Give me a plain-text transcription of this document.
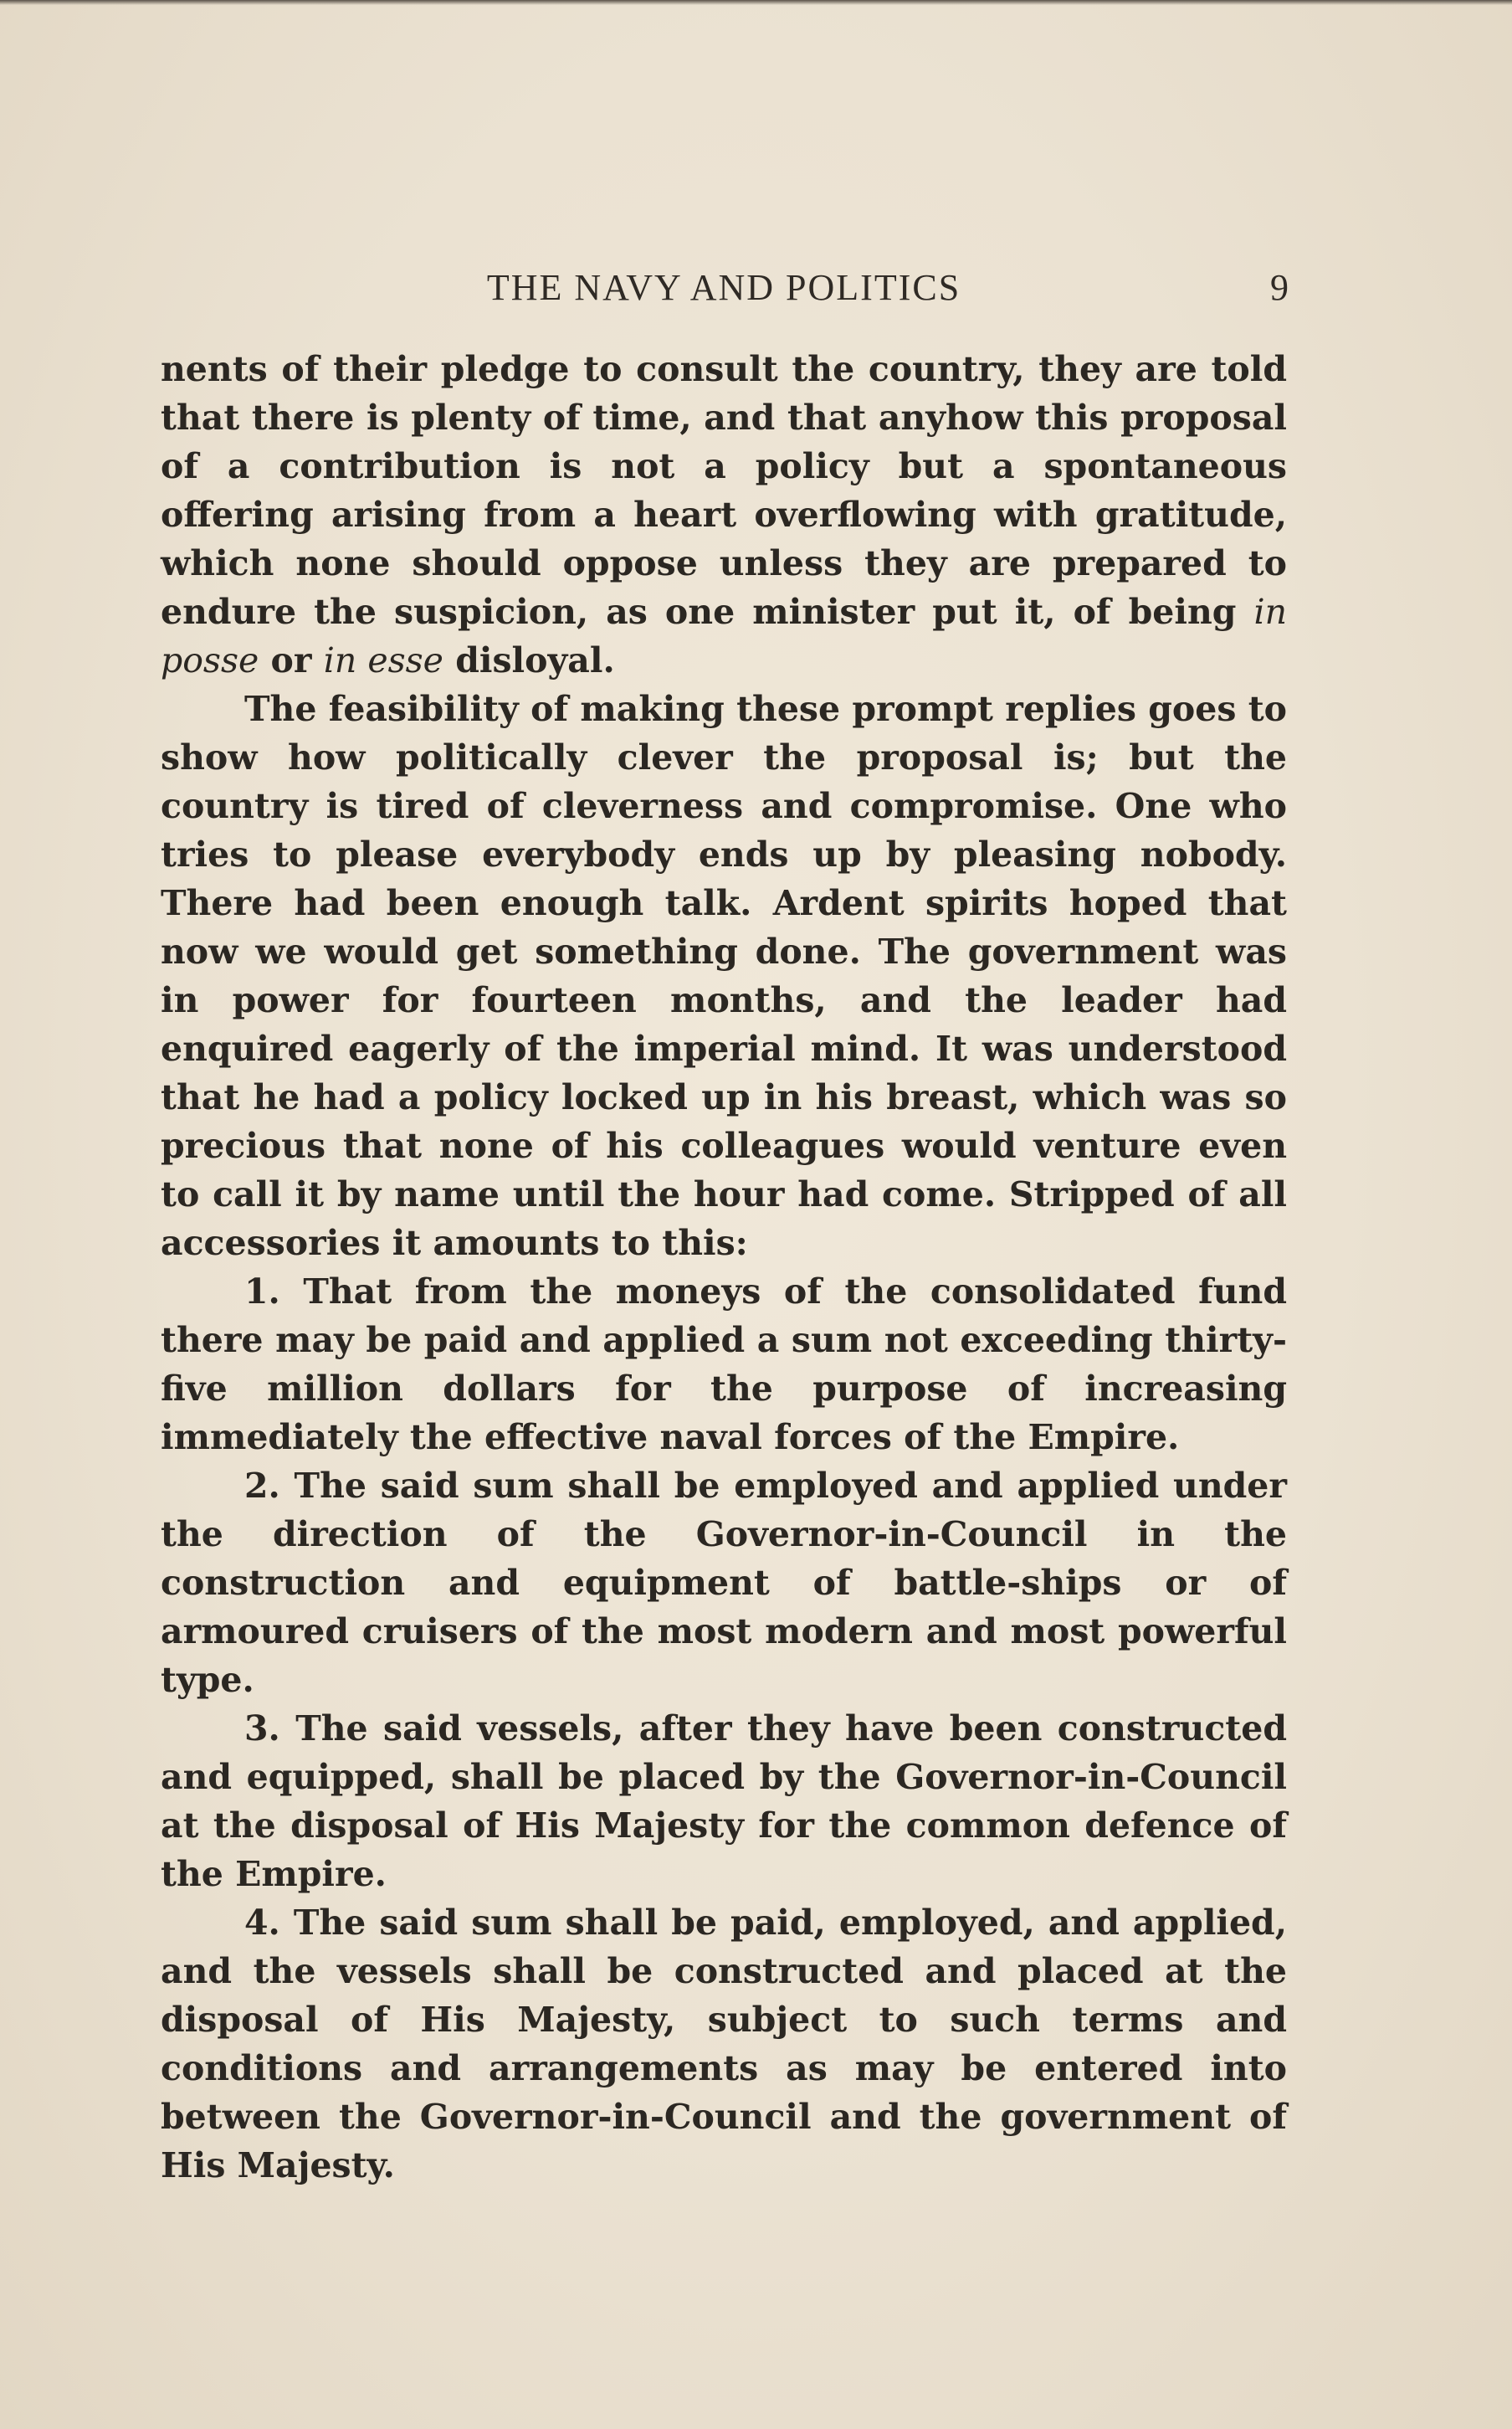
THE NAVY AND POLITICS	9

nents of their pledge to consult the country, they are told that there is plenty of time, and that anyhow this proposal of a contribution is not a policy but a spontaneous offering arising from a heart overflowing with gratitude, which none should oppose unless they are prepared to endure the suspicion, as one minister put it, of being in posse or in esse disloyal.

The feasibility of making these prompt replies goes to show how politically clever the proposal is; but the country is tired of cleverness and compromise. One who tries to please everybody ends up by pleasing nobody. There had been enough talk. Ardent spirits hoped that now we would get something done. The government was in power for fourteen months, and the leader had enquired eagerly of the imperial mind. It was understood that he had a policy locked up in his breast, which was so precious that none of his colleagues would venture even to call it by name until the hour had come. Stripped of all accessories it amounts to this:

1. That from the moneys of the consolidated fund there may be paid and applied a sum not exceeding thirty-five million dollars for the purpose of increasing immediately the effective naval forces of the Empire.

2. The said sum shall be employed and applied under the direction of the Governor-in-Council in the construction and equipment of battle-ships or of armoured cruisers of the most modern and most powerful type.

3. The said vessels, after they have been constructed and equipped, shall be placed by the Governor-in-Council at the disposal of His Majesty for the common defence of the Empire.

4. The said sum shall be paid, employed, and applied, and the vessels shall be constructed and placed at the disposal of His Majesty, subject to such terms and conditions and arrangements as may be entered into between the Governor-in-Council and the government of His Majesty.
